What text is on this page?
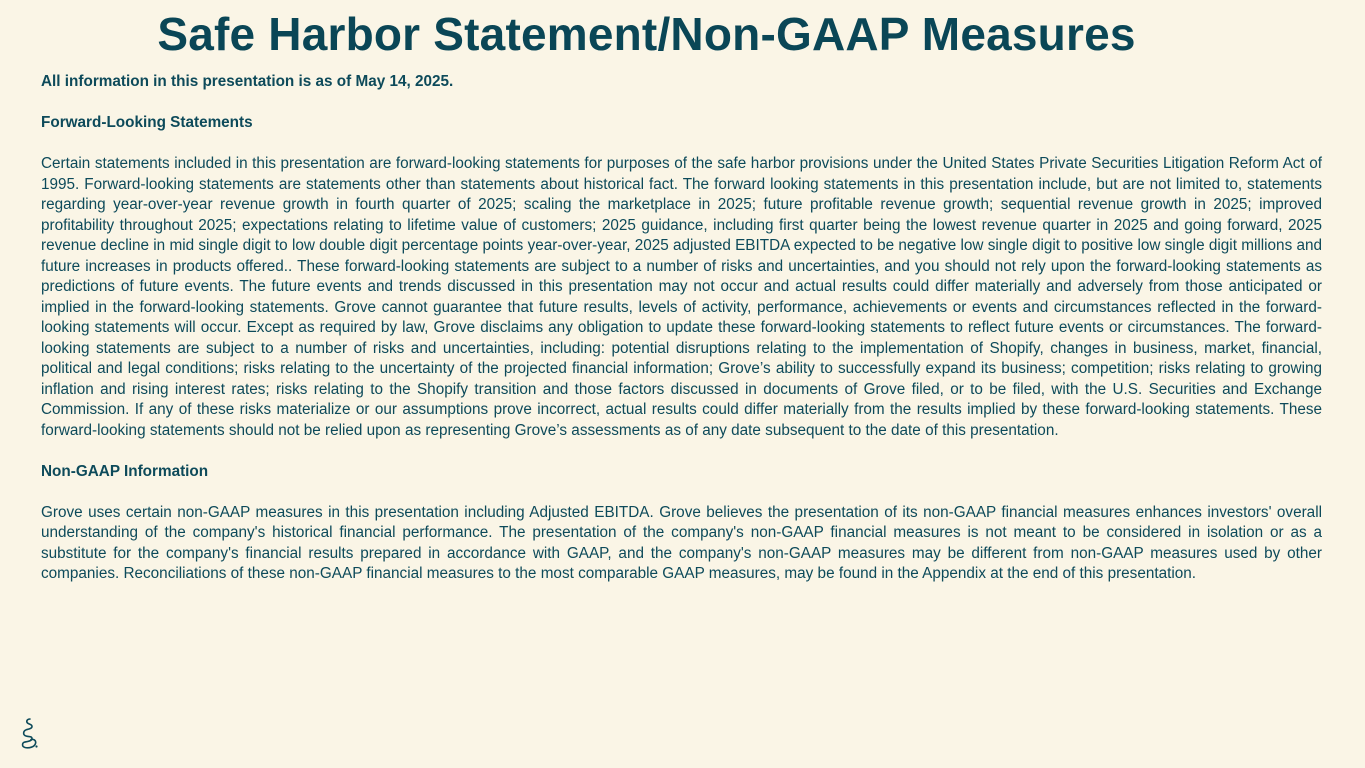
Safe Harbor Statement/Non-GAAP Measures

All information in this presentation is as of May 14, 2025.

Forward-Looking Statements

Certain statements included in this presentation are forward-looking statements for purposes of the safe harbor provisions under the United States Private Securities Litigation Reform Act of 1995. Forward-looking statements are statements other than statements about historical fact. The forward looking statements in this presentation include, but are not limited to, statements regarding year-over-year revenue growth in fourth quarter of 2025; scaling the marketplace in 2025; future profitable revenue growth; sequential revenue growth in 2025; improved profitability throughout 2025; expectations relating to lifetime value of customers; 2025 guidance, including first quarter being the lowest revenue quarter in 2025 and going forward, 2025 revenue decline in mid single digit to low double digit percentage points year-over-year, 2025 adjusted EBITDA expected to be negative low single digit to positive low single digit millions and future increases in products offered.. These forward-looking statements are subject to a number of risks and uncertainties, and you should not rely upon the forward-looking statements as predictions of future events. The future events and trends discussed in this presentation may not occur and actual results could differ materially and adversely from those anticipated or implied in the forward-looking statements. Grove cannot guarantee that future results, levels of activity, performance, achievements or events and circumstances reflected in the forward-looking statements will occur. Except as required by law, Grove disclaims any obligation to update these forward-looking statements to reflect future events or circumstances. The forward-looking statements are subject to a number of risks and uncertainties, including: potential disruptions relating to the implementation of Shopify, changes in business, market, financial, political and legal conditions; risks relating to the uncertainty of the projected financial information; Grove’s ability to successfully expand its business; competition; risks relating to growing inflation and rising interest rates; risks relating to the Shopify transition and those factors discussed in documents of Grove filed, or to be filed, with the U.S. Securities and Exchange Commission. If any of these risks materialize or our assumptions prove incorrect, actual results could differ materially from the results implied by these forward-looking statements. These forward-looking statements should not be relied upon as representing Grove’s assessments as of any date subsequent to the date of this presentation.

Non-GAAP Information

Grove uses certain non-GAAP measures in this presentation including Adjusted EBITDA. Grove believes the presentation of its non-GAAP financial measures enhances investors' overall understanding of the company's historical financial performance. The presentation of the company's non-GAAP financial measures is not meant to be considered in isolation or as a substitute for the company's financial results prepared in accordance with GAAP, and the company's non-GAAP measures may be different from non-GAAP measures used by other companies. Reconciliations of these non-GAAP financial measures to the most comparable GAAP measures, may be found in the Appendix at the end of this presentation.
